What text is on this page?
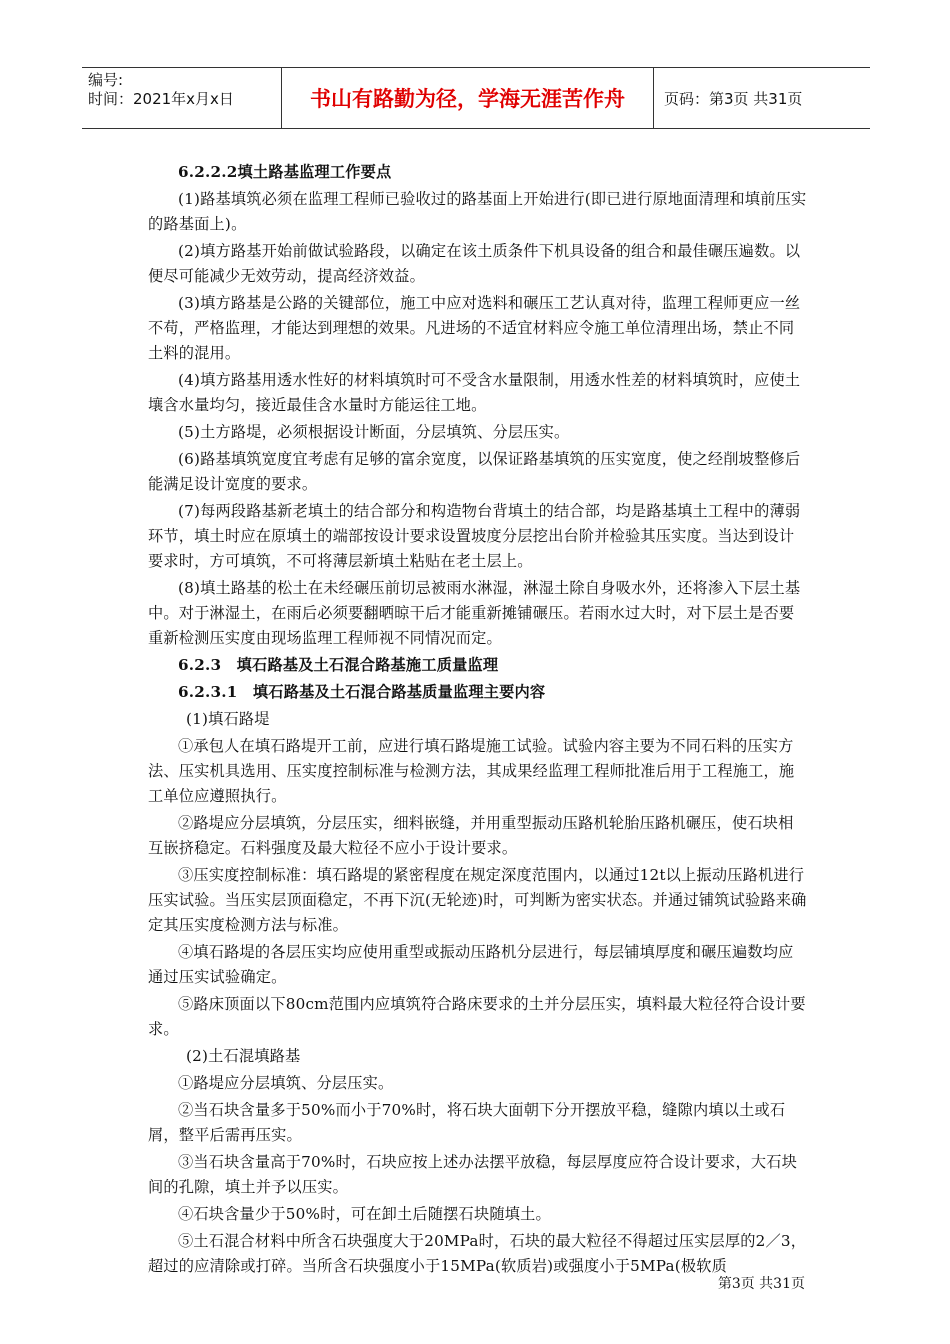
编号:
时间：2021年x月x日	书山有路勤为径，学海无涯苦作舟	页码：第3页 共31页

6.2.2.2填土路基监理工作要点

(1)路基填筑必须在监理工程师已验收过的路基面上开始进行(即已进行原地面清理和填前压实的路基面上)。

(2)填方路基开始前做试验路段，以确定在该土质条件下机具设备的组合和最佳碾压遍数。以便尽可能减少无效劳动，提高经济效益。

(3)填方路基是公路的关键部位，施工中应对选料和碾压工艺认真对待，监理工程师更应一丝不苟，严格监理，才能达到理想的效果。凡进场的不适宜材料应令施工单位清理出场，禁止不同土料的混用。

(4)填方路基用透水性好的材料填筑时可不受含水量限制，用透水性差的材料填筑时，应使土壤含水量均匀，接近最佳含水量时方能运往工地。

(5)土方路堤，必须根据设计断面，分层填筑、分层压实。

(6)路基填筑宽度宜考虑有足够的富余宽度，以保证路基填筑的压实宽度，使之经削坡整修后能满足设计宽度的要求。

(7)每两段路基新老填土的结合部分和构造物台背填土的结合部，均是路基填土工程中的薄弱环节，填土时应在原填土的端部按设计要求设置坡度分层挖出台阶并检验其压实度。当达到设计要求时，方可填筑，不可将薄层新填土粘贴在老土层上。

(8)填土路基的松土在未经碾压前切忌被雨水淋湿，淋湿土除自身吸水外，还将渗入下层土基中。对于淋湿土，在雨后必须要翻晒晾干后才能重新摊铺碾压。若雨水过大时，对下层土是否要重新检测压实度由现场监理工程师视不同情况而定。

6.2.3　填石路基及土石混合路基施工质量监理

6.2.3.1　填石路基及土石混合路基质量监理主要内容

(1)填石路堤

①承包人在填石路堤开工前，应进行填石路堤施工试验。试验内容主要为不同石料的压实方法、压实机具选用、压实度控制标准与检测方法，其成果经监理工程师批准后用于工程施工，施工单位应遵照执行。

②路堤应分层填筑，分层压实，细料嵌缝，并用重型振动压路机轮胎压路机碾压，使石块相互嵌挤稳定。石料强度及最大粒径不应小于设计要求。

③压实度控制标准：填石路堤的紧密程度在规定深度范围内，以通过12t以上振动压路机进行压实试验。当压实层顶面稳定，不再下沉(无轮迹)时，可判断为密实状态。并通过铺筑试验路来确定其压实度检测方法与标准。

④填石路堤的各层压实均应使用重型或振动压路机分层进行，每层铺填厚度和碾压遍数均应通过压实试验确定。

⑤路床顶面以下80cm范围内应填筑符合路床要求的土并分层压实，填料最大粒径符合设计要求。

(2)土石混填路基

①路堤应分层填筑、分层压实。

②当石块含量多于50%而小于70%时，将石块大面朝下分开摆放平稳，缝隙内填以土或石屑，整平后需再压实。

③当石块含量高于70%时，石块应按上述办法摆平放稳，每层厚度应符合设计要求，大石块间的孔隙，填土并予以压实。

④石块含量少于50%时，可在卸土后随摆石块随填土。

⑤土石混合材料中所含石块强度大于20MPa时，石块的最大粒径不得超过压实层厚的2／3，超过的应清除或打碎。当所含石块强度小于15MPa(软质岩)或强度小于5MPa(极软质

第3页 共31页
